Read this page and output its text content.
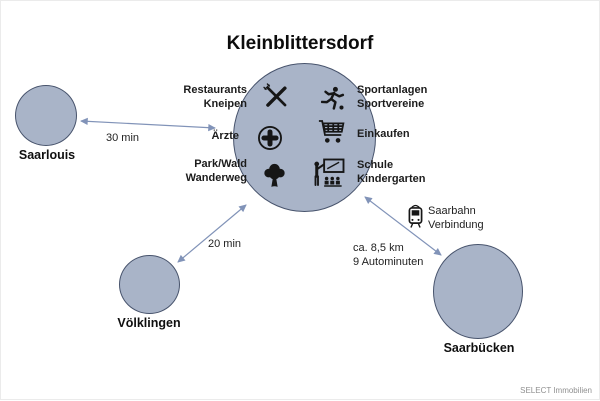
Kleinblittersdorf
Saarlouis
Völklingen
Saarbücken
Restaurants
Kneipen
Ärzte
Park/Wald
Wanderweg
Sportanlagen
Sportvereine
Einkaufen
Schule
Kindergarten
30 min
20 min	ca. 8,5 km
9 Autominuten
Saarbahn
Verbindung
SELECT Immobilien
